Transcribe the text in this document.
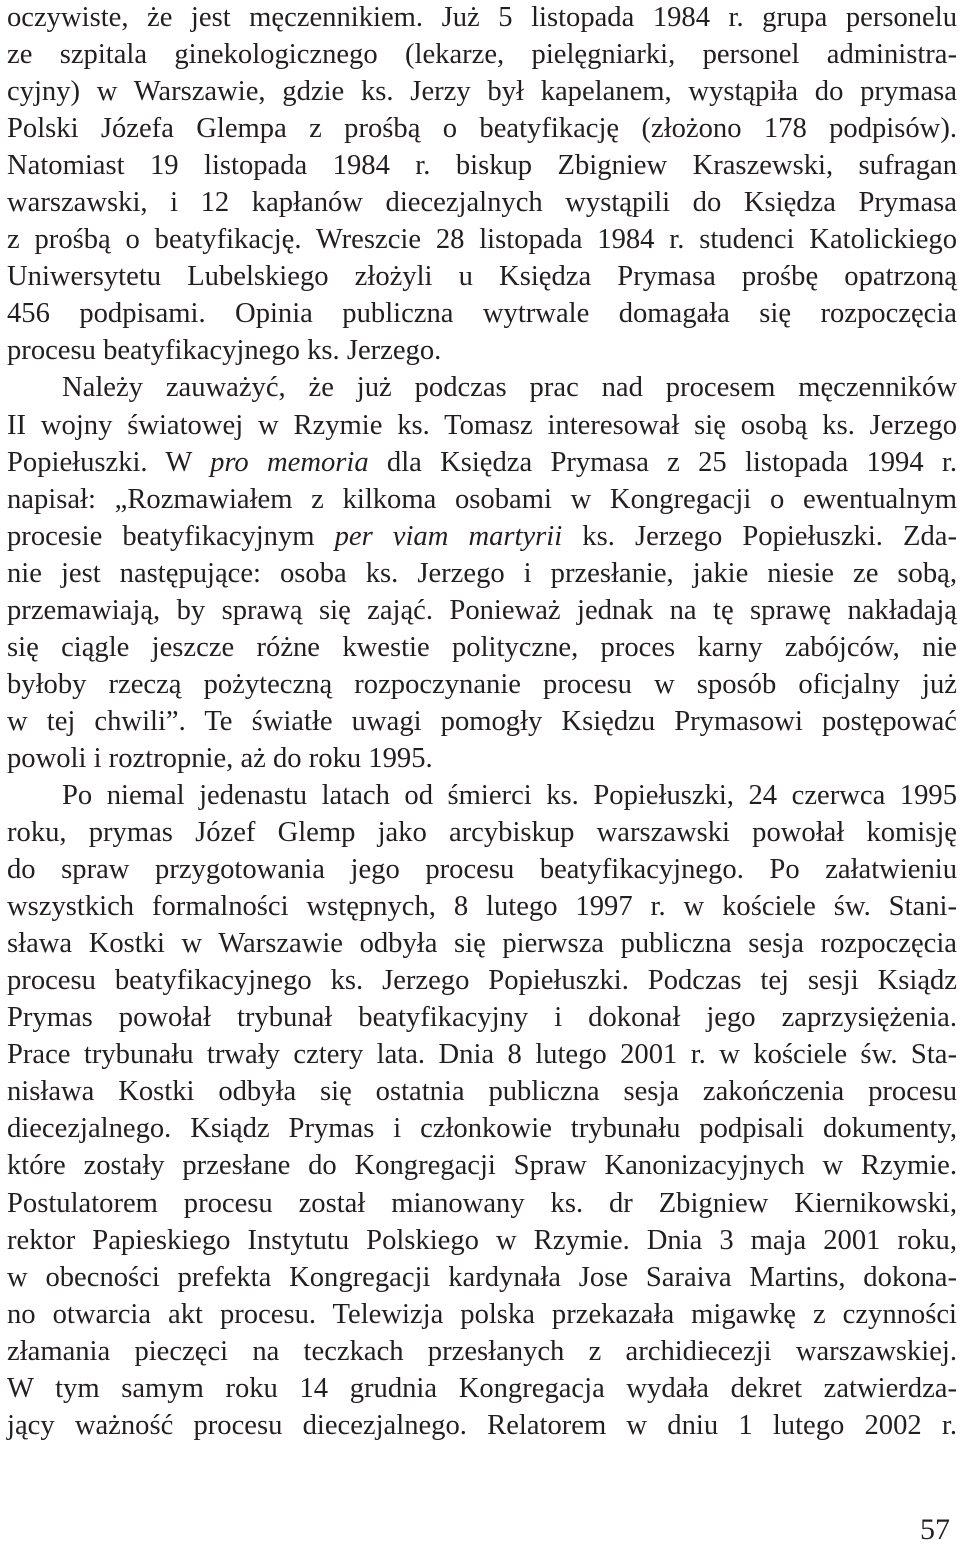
oczywiste, że jest męczennikiem. Już 5 listopada 1984 r. grupa personelu
ze szpitala ginekologicznego (lekarze, pielęgniarki, personel administra-
cyjny) w Warszawie, gdzie ks. Jerzy był kapelanem, wystąpiła do prymasa
Polski Józefa Glempa z prośbą o beatyfikację (złożono 178 podpisów).
Natomiast 19 listopada 1984 r. biskup Zbigniew Kraszewski, sufragan
warszawski, i 12 kapłanów diecezjalnych wystąpili do Księdza Prymasa
z prośbą o beatyfikację. Wreszcie 28 listopada 1984 r. studenci Katolickiego
Uniwersytetu Lubelskiego złożyli u Księdza Prymasa prośbę opatrzoną
456 podpisami. Opinia publiczna wytrwale domagała się rozpoczęcia
procesu beatyfikacyjnego ks. Jerzego.
Należy zauważyć, że już podczas prac nad procesem męczenników
II wojny światowej w Rzymie ks. Tomasz interesował się osobą ks. Jerzego
Popiełuszki. W pro memoria dla Księdza Prymasa z 25 listopada 1994 r.
napisał: „Rozmawiałem z kilkoma osobami w Kongregacji o ewentualnym
procesie beatyfikacyjnym per viam martyrii ks. Jerzego Popiełuszki. Zda-
nie jest następujące: osoba ks. Jerzego i przesłanie, jakie niesie ze sobą,
przemawiają, by sprawą się zająć. Ponieważ jednak na tę sprawę nakładają
się ciągle jeszcze różne kwestie polityczne, proces karny zabójców, nie
byłoby rzeczą pożyteczną rozpoczynanie procesu w sposób oficjalny już
w tej chwili”. Te światłe uwagi pomogły Księdzu Prymasowi postępować
powoli i roztropnie, aż do roku 1995.
Po niemal jedenastu latach od śmierci ks. Popiełuszki, 24 czerwca 1995
roku, prymas Józef Glemp jako arcybiskup warszawski powołał komisję
do spraw przygotowania jego procesu beatyfikacyjnego. Po załatwieniu
wszystkich formalności wstępnych, 8 lutego 1997 r. w kościele św. Stani-
sława Kostki w Warszawie odbyła się pierwsza publiczna sesja rozpoczęcia
procesu beatyfikacyjnego ks. Jerzego Popiełuszki. Podczas tej sesji Ksiądz
Prymas powołał trybunał beatyfikacyjny i dokonał jego zaprzysiężenia.
Prace trybunału trwały cztery lata. Dnia 8 lutego 2001 r. w kościele św. Sta-
nisława Kostki odbyła się ostatnia publiczna sesja zakończenia procesu
diecezjalnego. Ksiądz Prymas i członkowie trybunału podpisali dokumenty,
które zostały przesłane do Kongregacji Spraw Kanonizacyjnych w Rzymie.
Postulatorem procesu został mianowany ks. dr Zbigniew Kiernikowski,
rektor Papieskiego Instytutu Polskiego w Rzymie. Dnia 3 maja 2001 roku,
w obecności prefekta Kongregacji kardynała Jose Saraiva Martins, dokona-
no otwarcia akt procesu. Telewizja polska przekazała migawkę z czynności
złamania pieczęci na teczkach przesłanych z archidiecezji warszawskiej.
W tym samym roku 14 grudnia Kongregacja wydała dekret zatwierdza-
jący ważność procesu diecezjalnego. Relatorem w dniu 1 lutego 2002 r.
57
